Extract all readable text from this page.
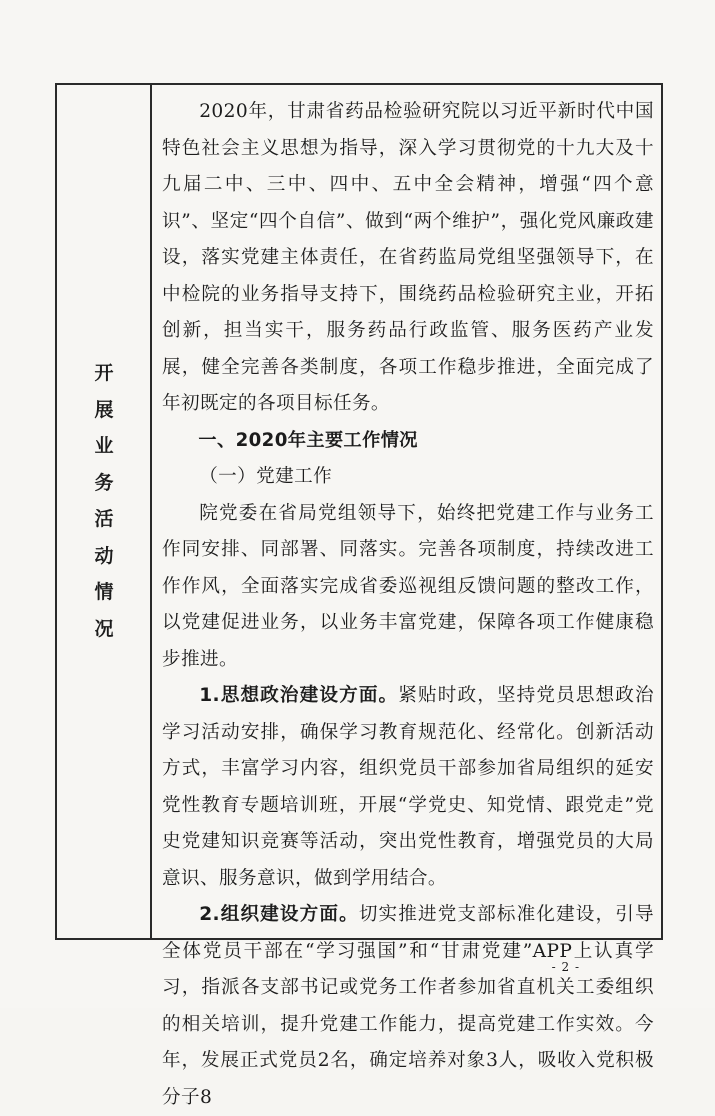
开
展
业
务
活
动
情
况

2020年，甘肃省药品检验研究院以习近平新时代中国特色社会主义思想为指导，深入学习贯彻党的十九大及十九届二中、三中、四中、五中全会精神，增强“四个意识”、坚定“四个自信”、做到“两个维护”，强化党风廉政建设，落实党建主体责任，在省药监局党组坚强领导下，在中检院的业务指导支持下，围绕药品检验研究主业，开拓创新，担当实干，服务药品行政监管、服务医药产业发展，健全完善各类制度，各项工作稳步推进，全面完成了年初既定的各项目标任务。

一、2020年主要工作情况

（一）党建工作

院党委在省局党组领导下，始终把党建工作与业务工作同安排、同部署、同落实。完善各项制度，持续改进工作作风，全面落实完成省委巡视组反馈问题的整改工作，以党建促进业务，以业务丰富党建，保障各项工作健康稳步推进。

1.思想政治建设方面。紧贴时政，坚持党员思想政治学习活动安排，确保学习教育规范化、经常化。创新活动方式，丰富学习内容，组织党员干部参加省局组织的延安党性教育专题培训班，开展“学党史、知党情、跟党走”党史党建知识竞赛等活动，突出党性教育，增强党员的大局意识、服务意识，做到学用结合。

2.组织建设方面。切实推进党支部标准化建设，引导全体党员干部在“学习强国”和“甘肃党建”APP上认真学习，指派各支部书记或党务工作者参加省直机关工委组织的相关培训，提升党建工作能力，提高党建工作实效。今年，发展正式党员2名，确定培养对象3人，吸收入党积极分子8

- 2 -
